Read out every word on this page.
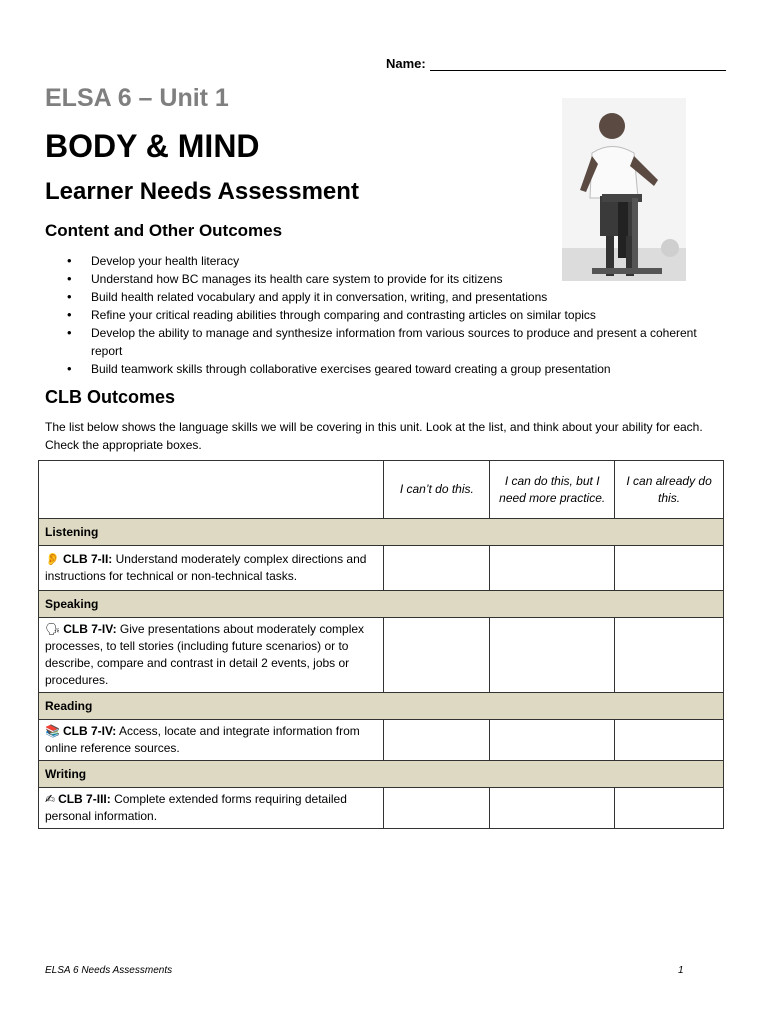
Name:
ELSA 6 – Unit 1
BODY & MIND
Learner Needs Assessment
Content and Other Outcomes
• Develop your health literacy
• Understand how BC manages its health care system to provide for its citizens
• Build health related vocabulary and apply it in conversation, writing, and presentations
• Refine your critical reading abilities through comparing and contrasting articles on similar topics
• Develop the ability to manage and synthesize information from various sources to produce and present a coherent report
• Build teamwork skills through collaborative exercises geared toward creating a group presentation
CLB Outcomes
The list below shows the language skills we will be covering in this unit. Look at the list, and think about your ability for each. Check the appropriate boxes.
	I can’t do this.	I can do this, but I need more practice.	I can already do this.
Listening			
👂 CLB 7-II: Understand moderately complex directions and instructions for technical or non-technical tasks.			
Speaking			
🗣 CLB 7-IV: Give presentations about moderately complex processes, to tell stories (including future scenarios) or to describe, compare and contrast in detail 2 events, jobs or procedures.			
Reading			
📚 CLB 7-IV: Access, locate and integrate information from online reference sources.			
Writing			
✍ CLB 7-III: Complete extended forms requiring detailed personal information.			
ELSA 6 Needs Assessments	1
